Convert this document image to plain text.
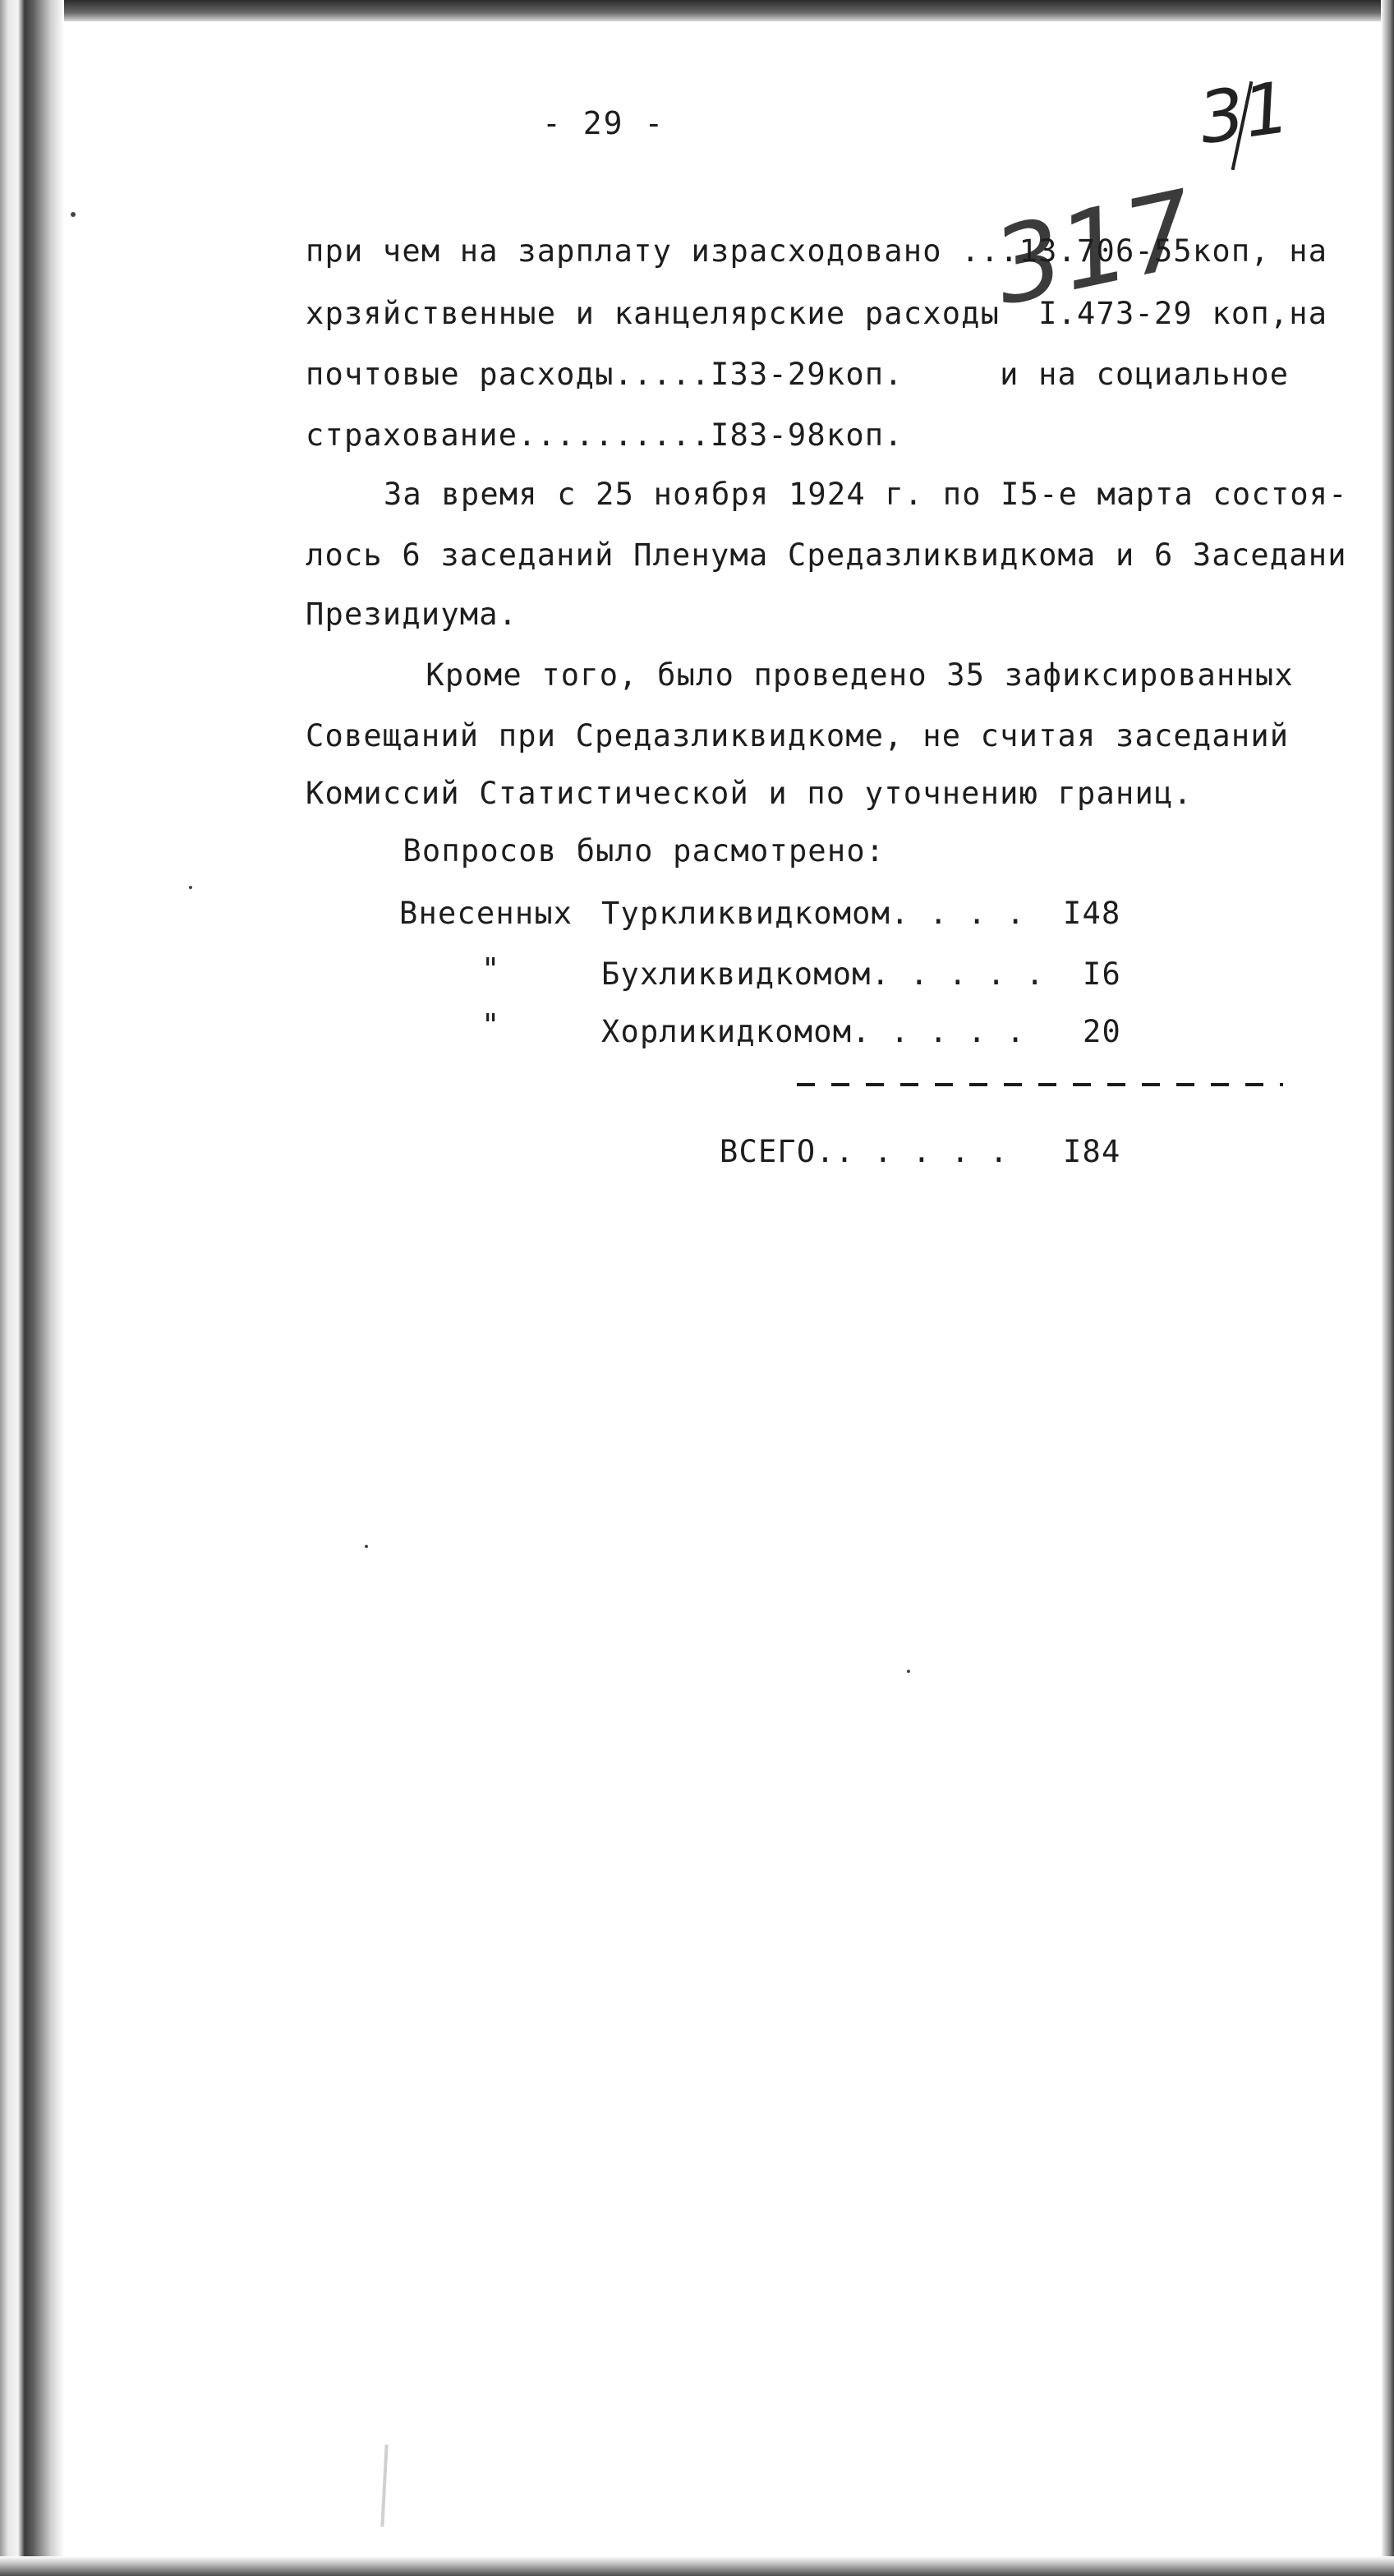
- 29 -	31
317
при чем на зарплату израсходовано ...13.706-55коп, на
хрзяйственные и канцелярские расходы  I.473-29 коп,на
почтовые расходы.....I33-29коп.     и на социальное
страхование..........I83-98коп.
За время с 25 ноября 1924 г. по I5-е марта состоя-
лось 6 заседаний Пленума Средазликвидкома и 6 Заседани
Президиума.
Кроме того, было проведено 35 зафиксированных
Совещаний при Средазликвидкоме, не считая заседаний
Комиссий Статистической и по уточнению границ.
Вопросов было расмотрено:
Внесенных Туркликвидкомом. . . . I48
"	Бухликвидкомом. . . . . I6
"	Хорликидкомом. . . . . 20
ВСЕГО.. . . . . I84
